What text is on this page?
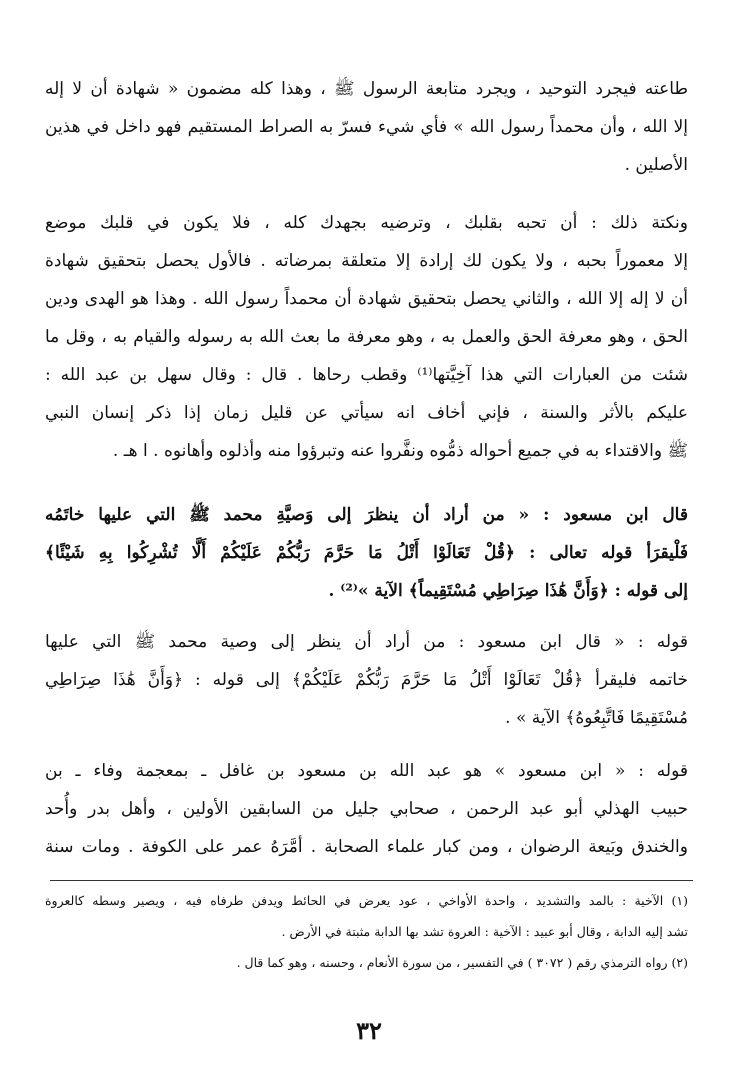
طاعته فيجرد التوحيد ، ويجرد متابعة الرسول ﷺ ، وهذا كله مضمون « شهادة أن لا إله
إلا الله ، وأن محمداً رسول الله » فأي شيء فسرّ به الصراط المستقيم فهو داخل في هذين
الأصلين .
ونكتة ذلك : أن تحبه بقلبك ، وترضيه بجهدك كله ، فلا يكون في قلبك موضع
إلا معموراً بحبه ، ولا يكون لك إرادة إلا متعلقة بمرضاته . فالأول يحصل بتحقيق شهادة
أن لا إله إلا الله ، والثاني يحصل بتحقيق شهادة أن محمداً رسول الله . وهذا هو الهدى ودين
الحق ، وهو معرفة الحق والعمل به ، وهو معرفة ما بعث الله به رسوله والقيام به ، وقل ما
شئت من العبارات التي هذا آخِيَّتها⁽¹⁾ وقطب رحاها . قال : وقال سهل بن عبد الله :
عليكم بالأثر والسنة ، فإني أخاف انه سيأتي عن قليل زمان إذا ذكر إنسان النبي
ﷺ والاقتداء به في جميع أحواله ذمُّوه ونفَّروا عنه وتبرؤوا منه وأذلوه وأهانوه . ا هـ .
قال ابن مسعود : « من أراد أن ينظرَ إلى وَصيَّةِ محمد ﷺ التي عليها خاتَمُه
فَلْيقرَأ قوله تعالى : ﴿قُلْ تَعَالَوْا أَتْلُ مَا حَرَّمَ رَبُّكُمْ عَلَيْكُمْ أَلَّا تُشْرِكُوا بِهِ شَيْئًا﴾
إلى قوله : ﴿وَأَنَّ هَٰذَا صِرَاطِي مُسْتَقِيماً﴾ الآية »⁽²⁾ .
قوله : « قال ابن مسعود : من أراد أن ينظر إلى وصية محمد ﷺ التي عليها
خاتمه فليقرأ ﴿قُلْ تَعَالَوْا أَتْلُ مَا حَرَّمَ رَبُّكُمْ عَلَيْكُمْ﴾ إلى قوله : ﴿وَأَنَّ هَٰذَا صِرَاطِي
مُسْتَقِيمًا فَاتَّبِعُوهُ﴾ الآية » .
قوله : « ابن مسعود » هو عبد الله بن مسعود بن غافل ـ بمعجمة وفاء ـ بن
حبيب الهذلي أبو عبد الرحمن ، صحابي جليل من السابقين الأولين ، وأهل بدر وأُحد
والخندق وبَيعة الرضوان ، ومن كبار علماء الصحابة . أمَّرَهُ عمر على الكوفة . ومات سنة
(١) الآخية : بالمد والتشديد ، واحدة الأواخي ، عود يعرض في الحائط ويدفن طرفاه فيه ، ويصير وسطه كالعروة
تشد إليه الدابة ، وقال أبو عبيد : الآخية : العروة تشد بها الدابة مثبتة في الأرض .
(٢) رواه الترمذي رقم ( ٣٠٧٢ ) في التفسير ، من سورة الأنعام ، وحسنه ، وهو كما قال .
٣٢
